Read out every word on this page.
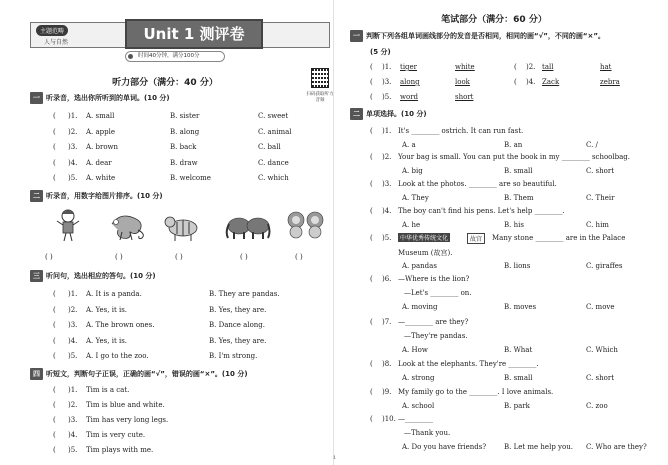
主题范畴
人与自然	Unit 1 测评卷
时间40分钟，满分100分
扫码获取听力音频
听力部分（满分：40 分）
一 听录音，选出你所听到的单词。(10 分)
二 听录音，用数字给图片排序。(10 分)
三 听问句，选出相应的答句。(10 分)
四 听短文，判断句子正误，正确的画“√”，错误的画“×”。(10 分)
1
( )1. A. small	B. sister	C. sweet
( )2. A. apple	B. along	C. animal
( )3. A. brown	B. back	C. ball
( )4. A. dear	B. draw	C. dance
( )5. A. white	B. welcome	C. which
( )	( )	( )	( )	( )
( )1. A. It is a panda.	B. They are pandas.
( )2. A. Yes, it is.	B. Yes, they are.
( )3. A. The brown ones.	B. Dance along.
( )4. A. Yes, it is.	B. Yes, they are.
( )5. A. I go to the zoo.	B. I'm strong.
( )1. Tim is a cat.
( )2. Tim is blue and white.
( )3. Tim has very long legs.
( )4. Tim is very cute.
( )5. Tim plays with me.
笔试部分（满分：60 分）
一 判断下列各组单词画线部分的发音是否相同，相同的画“√”，不同的画“×”。
(5 分)
二 单项选择。(10 分)
( )1. tiger	white	( )2. tall	hat
( )3. along	look	( )4. Zack	zebra
( )5. word	short
( )1. It's ________ ostrich. It can run fast.
A. a	B. an	C. /
( )2. Your bag is small. You can put the book in my ________ schoolbag.
A. big	B. small	C. short
( )3. Look at the photos. ________ are so beautiful.
A. They	B. Them	C. Their
( )4. The boy can't find his pens. Let's help ________.
A. he	B. his	C. him
( )5.	中华优秀传统文化	故宫	Many stone ________ are in the Palace
Museum (故宫).
A. pandas	B. lions	C. giraffes
( )6. —Where is the lion?
—Let's ________ on.
A. moving	B. moves	C. move
( )7. —________ are they?
—They're pandas.
A. How	B. What	C. Which
( )8. Look at the elephants. They're ________.
A. strong	B. small	C. short
( )9. My family go to the ________. I love animals.
A. school	B. park	C. zoo
( )10. —________
—Thank you.
A. Do you have friends?	B. Let me help you. C. Who are they?
